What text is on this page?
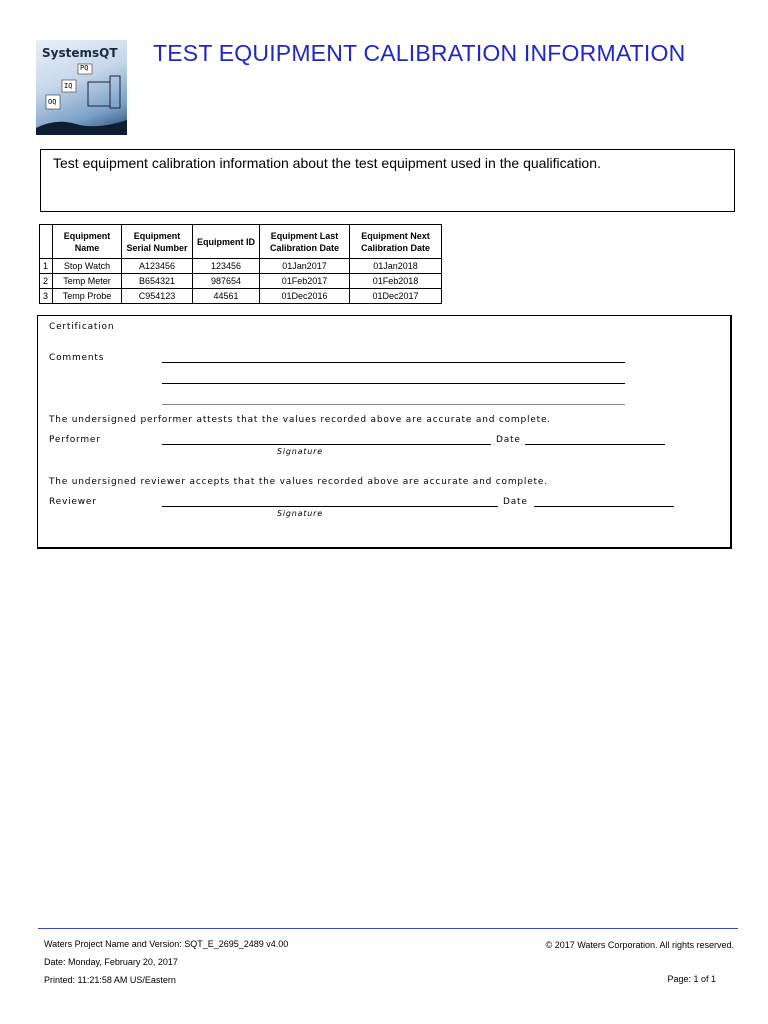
SystemsQT
PQ
IQ
OQ
TEST EQUIPMENT CALIBRATION INFORMATION
Test equipment calibration information about the test equipment used in the qualification.
	Equipment Name	Equipment Serial Number	Equipment ID	Equipment Last Calibration Date	Equipment Next Calibration Date
1	Stop Watch	A123456	123456	01Jan2017	01Jan2018
2	Temp Meter	B654321	987654	01Feb2017	01Feb2018
3	Temp Probe	C954123	44561	01Dec2016	01Dec2017
Certification
Comments
The undersigned performer attests that the values recorded above are accurate and complete.
Performer	Date
Signature
The undersigned reviewer accepts that the values recorded above are accurate and complete.
Reviewer	Date
Signature
Waters Project Name and Version: SQT_E_2695_2489 v4.00
Date: Monday, February 20, 2017
Printed: 11:21:58 AM US/Eastern
© 2017 Waters Corporation. All rights reserved.
Page: 1 of 1
